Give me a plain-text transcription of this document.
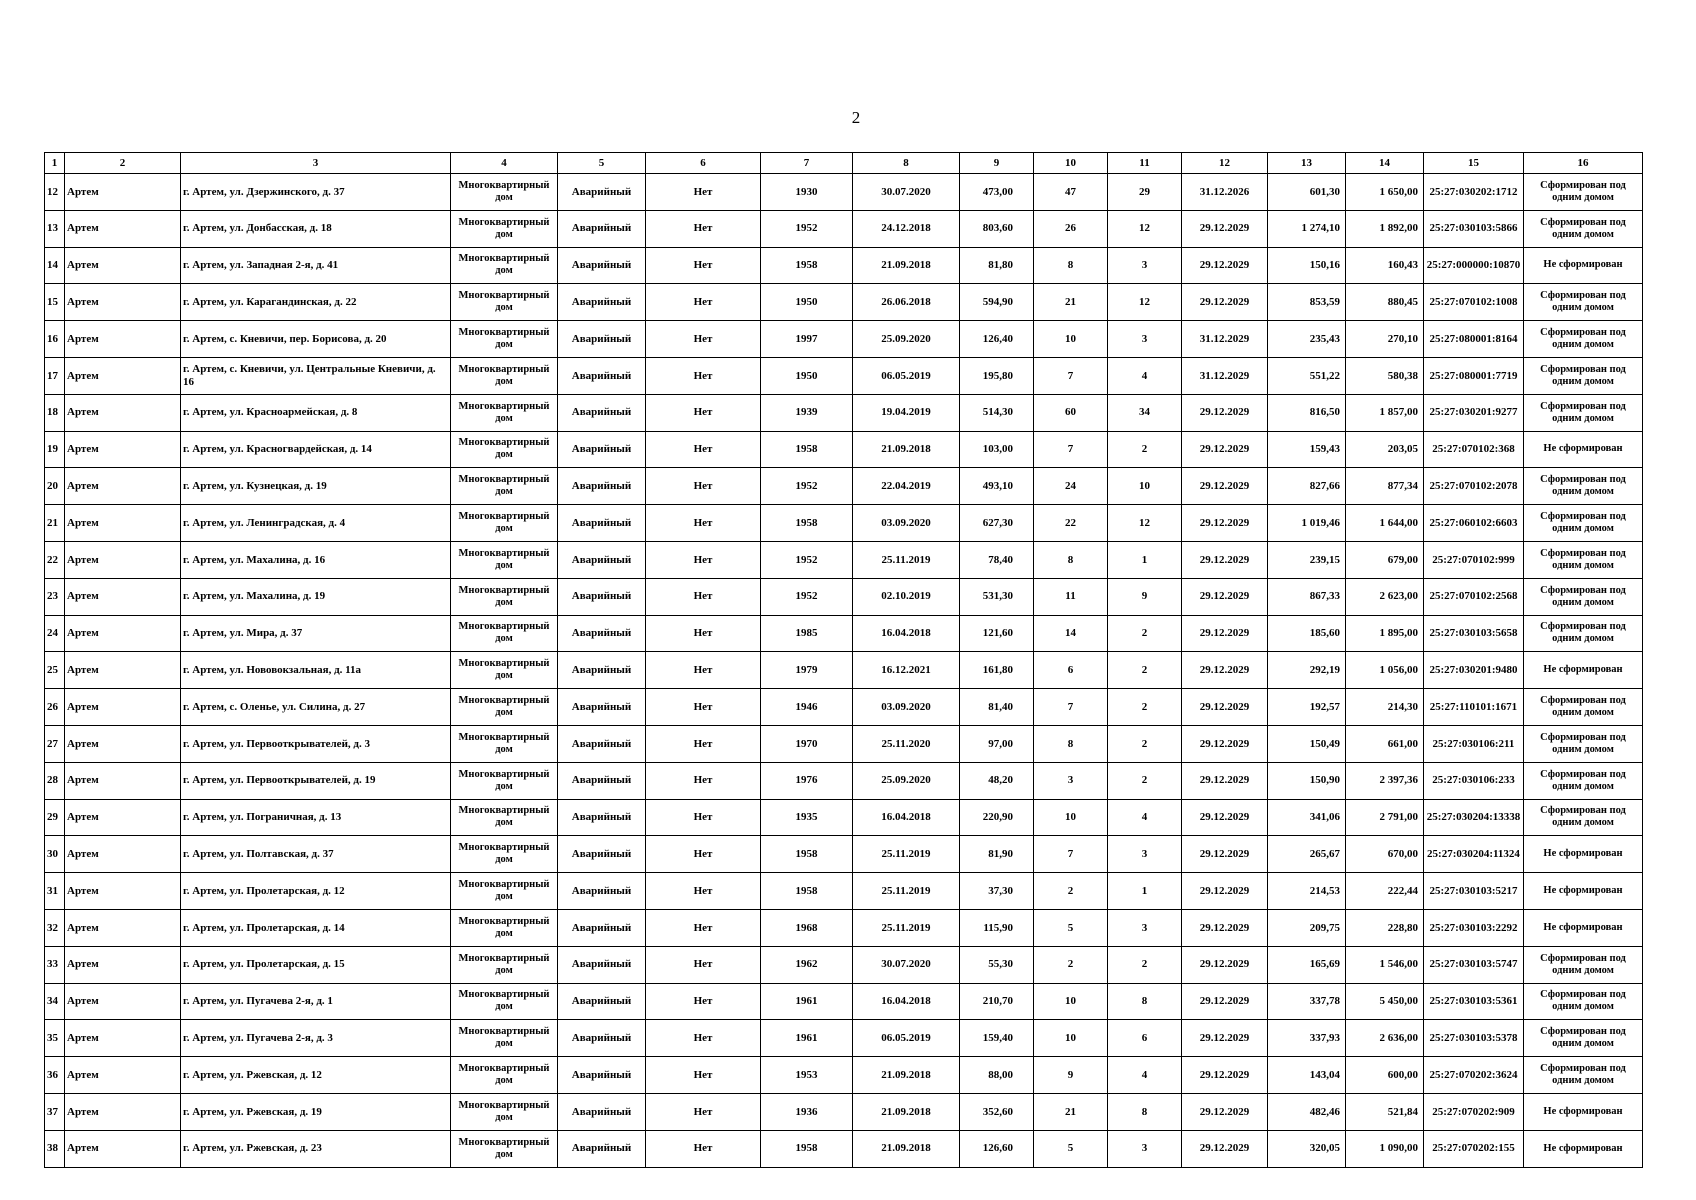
2
1	2	3	4	5	6	7	8	9	10	11	12	13	14	15	16
12	Артем	г. Артем, ул. Дзержинского, д. 37	Многоквартирный дом	Аварийный	Нет	1930	30.07.2020	473,00	47	29	31.12.2026	601,30	1 650,00	25:27:030202:1712	Сформирован под одним домом
13	Артем	г. Артем, ул. Донбасская, д. 18	Многоквартирный дом	Аварийный	Нет	1952	24.12.2018	803,60	26	12	29.12.2029	1 274,10	1 892,00	25:27:030103:5866	Сформирован под одним домом
14	Артем	г. Артем, ул. Западная 2-я, д. 41	Многоквартирный дом	Аварийный	Нет	1958	21.09.2018	81,80	8	3	29.12.2029	150,16	160,43	25:27:000000:10870	Не сформирован
15	Артем	г. Артем, ул. Карагандинская, д. 22	Многоквартирный дом	Аварийный	Нет	1950	26.06.2018	594,90	21	12	29.12.2029	853,59	880,45	25:27:070102:1008	Сформирован под одним домом
16	Артем	г. Артем, с. Кневичи, пер. Борисова, д. 20	Многоквартирный дом	Аварийный	Нет	1997	25.09.2020	126,40	10	3	31.12.2029	235,43	270,10	25:27:080001:8164	Сформирован под одним домом
17	Артем	г. Артем, с. Кневичи, ул. Центральные Кневичи, д. 16	Многоквартирный дом	Аварийный	Нет	1950	06.05.2019	195,80	7	4	31.12.2029	551,22	580,38	25:27:080001:7719	Сформирован под одним домом
18	Артем	г. Артем, ул. Красноармейская, д. 8	Многоквартирный дом	Аварийный	Нет	1939	19.04.2019	514,30	60	34	29.12.2029	816,50	1 857,00	25:27:030201:9277	Сформирован под одним домом
19	Артем	г. Артем, ул. Красногвардейская, д. 14	Многоквартирный дом	Аварийный	Нет	1958	21.09.2018	103,00	7	2	29.12.2029	159,43	203,05	25:27:070102:368	Не сформирован
20	Артем	г. Артем, ул. Кузнецкая, д. 19	Многоквартирный дом	Аварийный	Нет	1952	22.04.2019	493,10	24	10	29.12.2029	827,66	877,34	25:27:070102:2078	Сформирован под одним домом
21	Артем	г. Артем, ул. Ленинградская, д. 4	Многоквартирный дом	Аварийный	Нет	1958	03.09.2020	627,30	22	12	29.12.2029	1 019,46	1 644,00	25:27:060102:6603	Сформирован под одним домом
22	Артем	г. Артем, ул. Махалина, д. 16	Многоквартирный дом	Аварийный	Нет	1952	25.11.2019	78,40	8	1	29.12.2029	239,15	679,00	25:27:070102:999	Сформирован под одним домом
23	Артем	г. Артем, ул. Махалина, д. 19	Многоквартирный дом	Аварийный	Нет	1952	02.10.2019	531,30	11	9	29.12.2029	867,33	2 623,00	25:27:070102:2568	Сформирован под одним домом
24	Артем	г. Артем, ул. Мира, д. 37	Многоквартирный дом	Аварийный	Нет	1985	16.04.2018	121,60	14	2	29.12.2029	185,60	1 895,00	25:27:030103:5658	Сформирован под одним домом
25	Артем	г. Артем, ул. Нововокзальная, д. 11а	Многоквартирный дом	Аварийный	Нет	1979	16.12.2021	161,80	6	2	29.12.2029	292,19	1 056,00	25:27:030201:9480	Не сформирован
26	Артем	г. Артем, с. Оленье, ул. Силина, д. 27	Многоквартирный дом	Аварийный	Нет	1946	03.09.2020	81,40	7	2	29.12.2029	192,57	214,30	25:27:110101:1671	Сформирован под одним домом
27	Артем	г. Артем, ул. Первооткрывателей, д. 3	Многоквартирный дом	Аварийный	Нет	1970	25.11.2020	97,00	8	2	29.12.2029	150,49	661,00	25:27:030106:211	Сформирован под одним домом
28	Артем	г. Артем, ул. Первооткрывателей, д. 19	Многоквартирный дом	Аварийный	Нет	1976	25.09.2020	48,20	3	2	29.12.2029	150,90	2 397,36	25:27:030106:233	Сформирован под одним домом
29	Артем	г. Артем, ул. Пограничная, д. 13	Многоквартирный дом	Аварийный	Нет	1935	16.04.2018	220,90	10	4	29.12.2029	341,06	2 791,00	25:27:030204:13338	Сформирован под одним домом
30	Артем	г. Артем, ул. Полтавская, д. 37	Многоквартирный дом	Аварийный	Нет	1958	25.11.2019	81,90	7	3	29.12.2029	265,67	670,00	25:27:030204:11324	Не сформирован
31	Артем	г. Артем, ул. Пролетарская, д. 12	Многоквартирный дом	Аварийный	Нет	1958	25.11.2019	37,30	2	1	29.12.2029	214,53	222,44	25:27:030103:5217	Не сформирован
32	Артем	г. Артем, ул. Пролетарская, д. 14	Многоквартирный дом	Аварийный	Нет	1968	25.11.2019	115,90	5	3	29.12.2029	209,75	228,80	25:27:030103:2292	Не сформирован
33	Артем	г. Артем, ул. Пролетарская, д. 15	Многоквартирный дом	Аварийный	Нет	1962	30.07.2020	55,30	2	2	29.12.2029	165,69	1 546,00	25:27:030103:5747	Сформирован под одним домом
34	Артем	г. Артем, ул. Пугачева 2-я, д. 1	Многоквартирный дом	Аварийный	Нет	1961	16.04.2018	210,70	10	8	29.12.2029	337,78	5 450,00	25:27:030103:5361	Сформирован под одним домом
35	Артем	г. Артем, ул. Пугачева 2-я, д. 3	Многоквартирный дом	Аварийный	Нет	1961	06.05.2019	159,40	10	6	29.12.2029	337,93	2 636,00	25:27:030103:5378	Сформирован под одним домом
36	Артем	г. Артем, ул. Ржевская, д. 12	Многоквартирный дом	Аварийный	Нет	1953	21.09.2018	88,00	9	4	29.12.2029	143,04	600,00	25:27:070202:3624	Сформирован под одним домом
37	Артем	г. Артем, ул. Ржевская, д. 19	Многоквартирный дом	Аварийный	Нет	1936	21.09.2018	352,60	21	8	29.12.2029	482,46	521,84	25:27:070202:909	Не сформирован
38	Артем	г. Артем, ул. Ржевская, д. 23	Многоквартирный дом	Аварийный	Нет	1958	21.09.2018	126,60	5	3	29.12.2029	320,05	1 090,00	25:27:070202:155	Не сформирован
